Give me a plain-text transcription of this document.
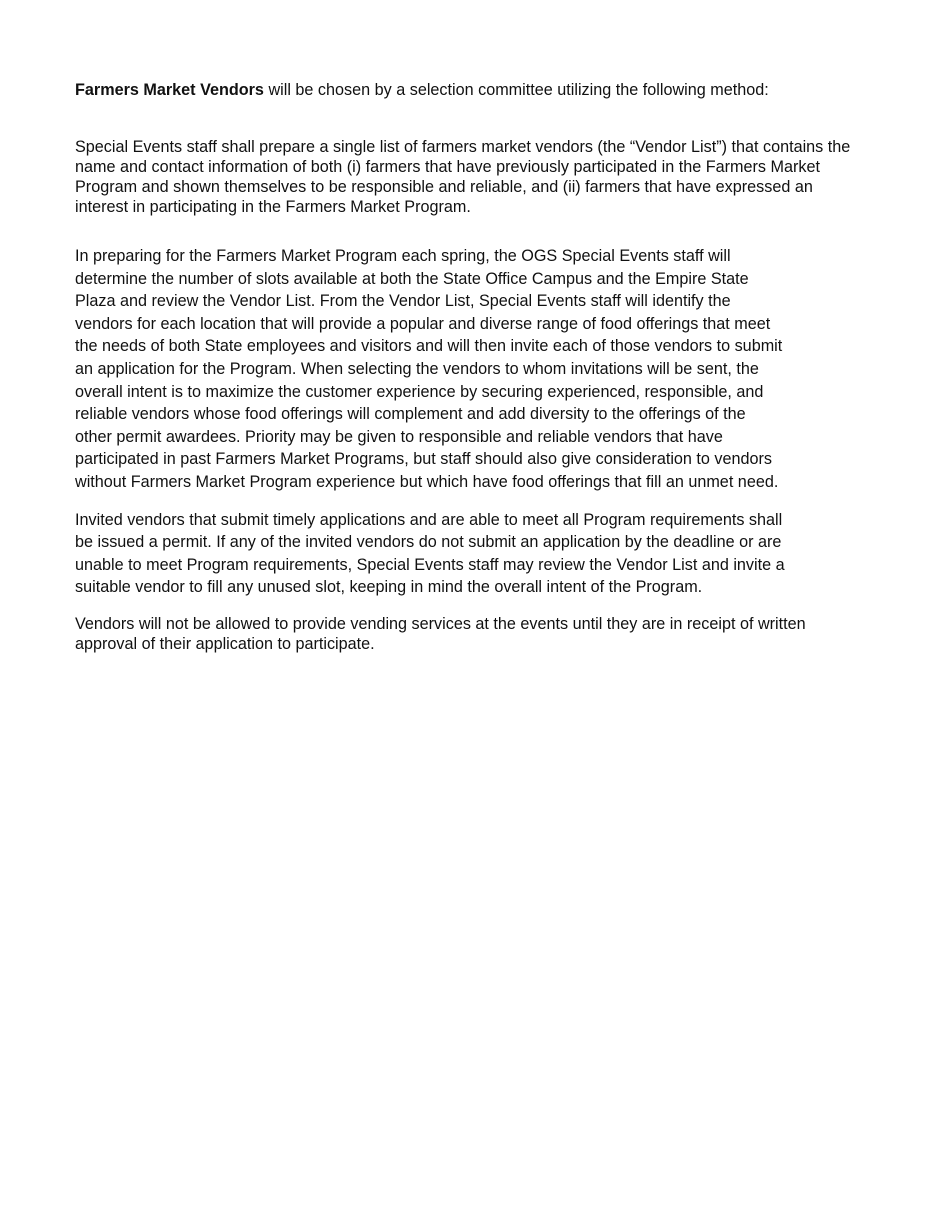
Farmers Market Vendors will be chosen by a selection committee utilizing the following method:

Special Events staff shall prepare a single list of farmers market vendors (the “Vendor List”) that contains the name and contact information of both (i) farmers that have previously participated in the Farmers Market Program and shown themselves to be responsible and reliable, and (ii) farmers that have expressed an interest in participating in the Farmers Market Program.

In preparing for the Farmers Market Program each spring, the OGS Special Events staff will determine the number of slots available at both the State Office Campus and the Empire State Plaza and review the Vendor List. From the Vendor List, Special Events staff will identify the vendors for each location that will provide a popular and diverse range of food offerings that meet the needs of both State employees and visitors and will then invite each of those vendors to submit an application for the Program. When selecting the vendors to whom invitations will be sent, the overall intent is to maximize the customer experience by securing experienced, responsible, and reliable vendors whose food offerings will complement and add diversity to the offerings of the other permit awardees. Priority may be given to responsible and reliable vendors that have participated in past Farmers Market Programs, but staff should also give consideration to vendors without Farmers Market Program experience but which have food offerings that fill an unmet need.

Invited vendors that submit timely applications and are able to meet all Program requirements shall be issued a permit. If any of the invited vendors do not submit an application by the deadline or are unable to meet Program requirements, Special Events staff may review the Vendor List and invite a suitable vendor to fill any unused slot, keeping in mind the overall intent of the Program.

Vendors will not be allowed to provide vending services at the events until they are in receipt of written approval of their application to participate.
